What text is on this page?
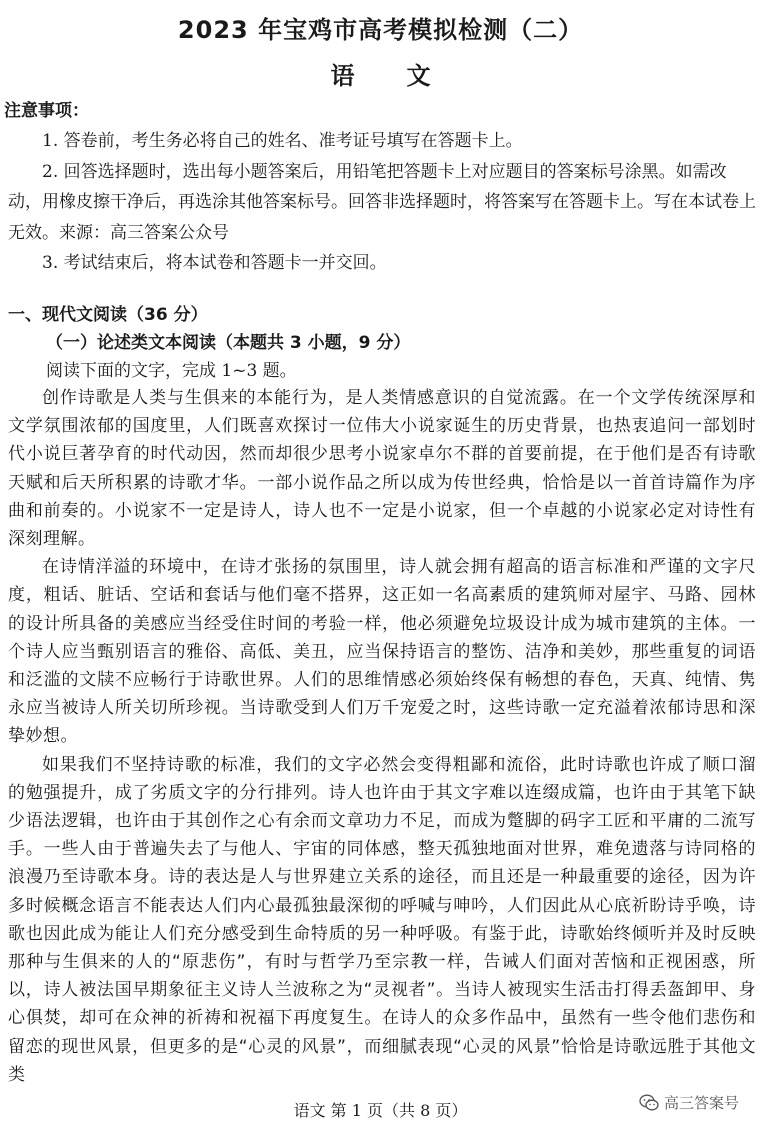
2023 年宝鸡市高考模拟检测（二）
语文
注意事项：

1. 答卷前，考生务必将自己的姓名、准考证号填写在答题卡上。

2. 回答选择题时，选出每小题答案后，用铅笔把答题卡上对应题目的答案标号涂黑。如需改动，用橡皮擦干净后，再选涂其他答案标号。回答非选择题时，将答案写在答题卡上。写在本试卷上无效。来源：高三答案公众号

3. 考试结束后，将本试卷和答题卡一并交回。

一、现代文阅读（36 分）
（一）论述类文本阅读（本题共 3 小题，9 分）
阅读下面的文字，完成 1~3 题。

创作诗歌是人类与生俱来的本能行为，是人类情感意识的自觉流露。在一个文学传统深厚和文学氛围浓郁的国度里，人们既喜欢探讨一位伟大小说家诞生的历史背景，也热衷追问一部划时代小说巨著孕育的时代动因，然而却很少思考小说家卓尔不群的首要前提，在于他们是否有诗歌天赋和后天所积累的诗歌才华。一部小说作品之所以成为传世经典，恰恰是以一首首诗篇作为序曲和前奏的。小说家不一定是诗人，诗人也不一定是小说家，但一个卓越的小说家必定对诗性有深刻理解。

在诗情洋溢的环境中，在诗才张扬的氛围里，诗人就会拥有超高的语言标准和严谨的文字尺度，粗话、脏话、空话和套话与他们毫不搭界，这正如一名高素质的建筑师对屋宇、马路、园林的设计所具备的美感应当经受住时间的考验一样，他必须避免垃圾设计成为城市建筑的主体。一个诗人应当甄别语言的雅俗、高低、美丑，应当保持语言的整饬、洁净和美妙，那些重复的词语和泛滥的文牍不应畅行于诗歌世界。人们的思维情感必须始终保有畅想的春色，天真、纯情、隽永应当被诗人所关切所珍视。当诗歌受到人们万千宠爱之时，这些诗歌一定充溢着浓郁诗思和深挚妙想。

如果我们不坚持诗歌的标准，我们的文字必然会变得粗鄙和流俗，此时诗歌也许成了顺口溜的勉强提升，成了劣质文字的分行排列。诗人也许由于其文字难以连缀成篇，也许由于其笔下缺少语法逻辑，也许由于其创作之心有余而文章功力不足，而成为蹩脚的码字工匠和平庸的二流写手。一些人由于普遍失去了与他人、宇宙的同体感，整天孤独地面对世界，难免遗落与诗同格的浪漫乃至诗歌本身。诗的表达是人与世界建立关系的途径，而且还是一种最重要的途径，因为许多时候概念语言不能表达人们内心最孤独最深彻的呼喊与呻吟，人们因此从心底祈盼诗乎唤，诗歌也因此成为能让人们充分感受到生命特质的另一种呼吸。有鉴于此，诗歌始终倾听并及时反映那种与生俱来的人的“原悲伤”，有时与哲学乃至宗教一样，告诫人们面对苦恼和正视困惑，所以，诗人被法国早期象征主义诗人兰波称之为“灵视者”。当诗人被现实生活击打得丢盔卸甲、身心俱焚，却可在众神的祈祷和祝福下再度复生。在诗人的众多作品中，虽然有一些令他们悲伤和留恋的现世风景，但更多的是“心灵的风景”，而细腻表现“心灵的风景”恰恰是诗歌远胜于其他文类

语文 第 1 页（共 8 页）	高三答案号
